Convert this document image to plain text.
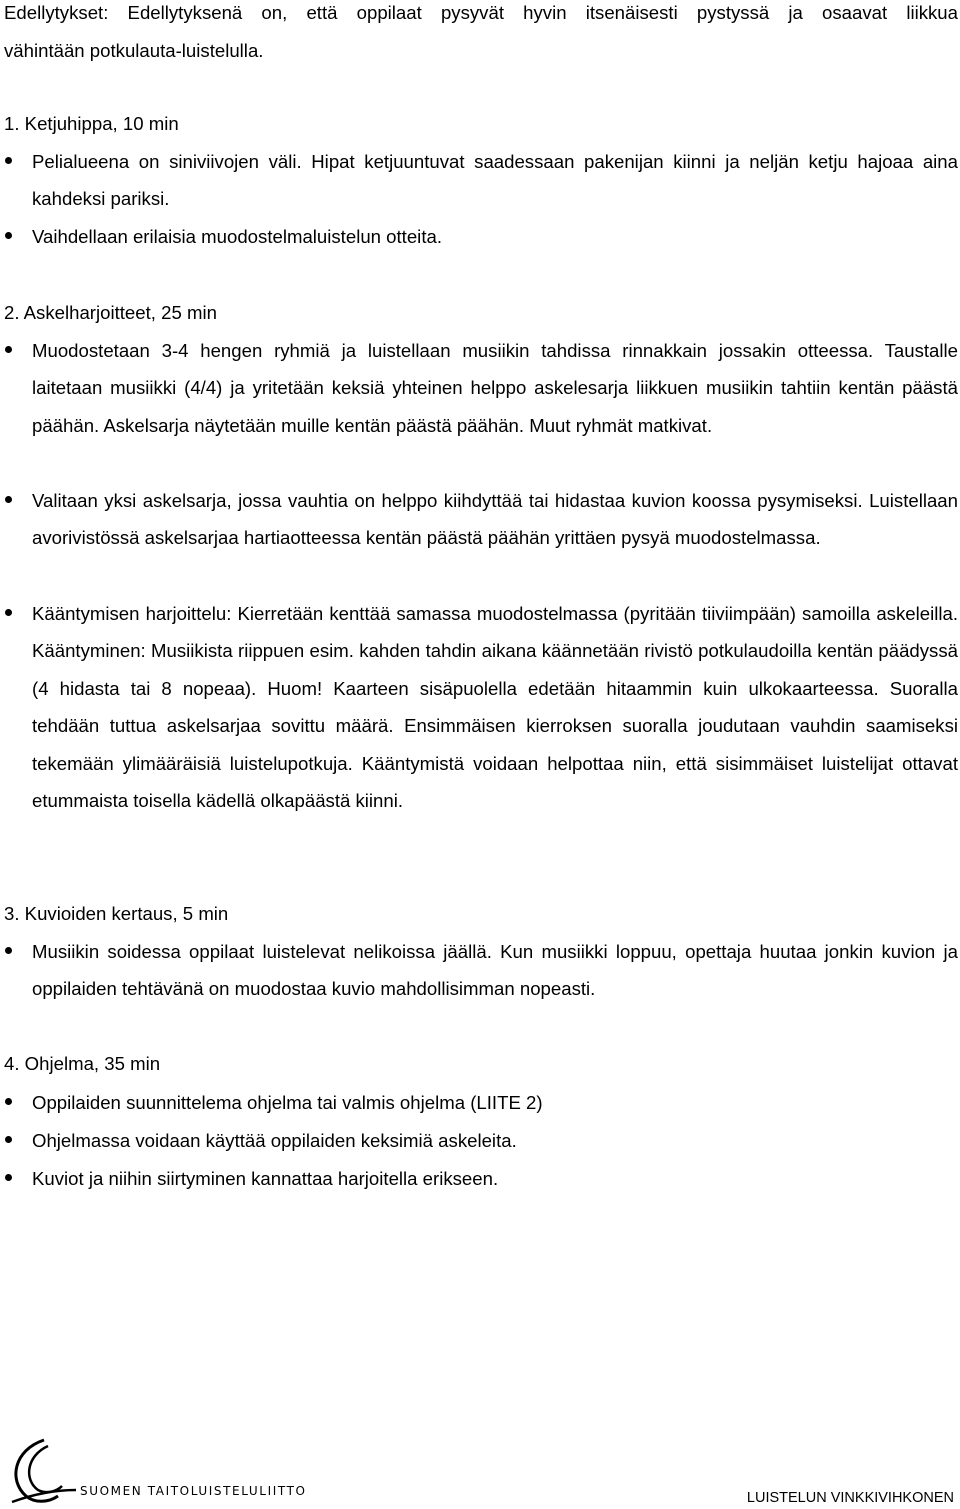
Edellytykset: Edellytyksenä on, että oppilaat pysyvät hyvin itsenäisesti pystyssä ja osaavat liikkua
vähintään potkulauta-luistelulla.
1. Ketjuhippa, 10 min
Pelialueena on siniviivojen väli. Hipat ketjuuntuvat saadessaan pakenijan kiinni ja neljän ketju hajoaa aina kahdeksi pariksi.
Vaihdellaan erilaisia muodostelmaluistelun otteita.
2. Askelharjoitteet, 25 min
Muodostetaan 3-4 hengen ryhmiä ja luistellaan musiikin tahdissa rinnakkain jossakin otteessa. Taustalle laitetaan musiikki (4/4) ja yritetään keksiä yhteinen helppo askelesarja liikkuen musiikin tahtiin kentän päästä päähän. Askelsarja näytetään muille kentän päästä päähän. Muut ryhmät matkivat.
Valitaan yksi askelsarja, jossa vauhtia on helppo kiihdyttää tai hidastaa kuvion koossa pysymiseksi. Luistellaan avorivistössä askelsarjaa hartiaotteessa kentän päästä päähän yrittäen pysyä muodostelmassa.
Kääntymisen harjoittelu: Kierretään kenttää samassa muodostelmassa (pyritään tiiviimpään) samoilla askeleilla. Kääntyminen: Musiikista riippuen esim. kahden tahdin aikana käännetään rivistö potkulaudoilla kentän päädyssä (4 hidasta tai 8 nopeaa). Huom! Kaarteen sisäpuolella edetään hitaammin kuin ulkokaarteessa. Suoralla tehdään tuttua askelsarjaa sovittu määrä. Ensimmäisen kierroksen suoralla joudutaan vauhdin saamiseksi tekemään ylimääräisiä luistelupotkuja. Kääntymistä voidaan helpottaa niin, että sisimmäiset luistelijat ottavat etummaista toisella kädellä olkapäästä kiinni.
3. Kuvioiden kertaus, 5 min
Musiikin soidessa oppilaat luistelevat nelikoissa jäällä. Kun musiikki loppuu, opettaja huutaa jonkin kuvion ja oppilaiden tehtävänä on muodostaa kuvio mahdollisimman nopeasti.
4. Ohjelma, 35 min
Oppilaiden suunnittelema ohjelma tai valmis ohjelma (LIITE 2)
Ohjelmassa voidaan käyttää oppilaiden keksimiä askeleita.
Kuviot ja niihin siirtyminen kannattaa harjoitella erikseen.
SUOMEN TAITOLUISTELULIITTO	LUISTELUN VINKKIVIHKONEN
